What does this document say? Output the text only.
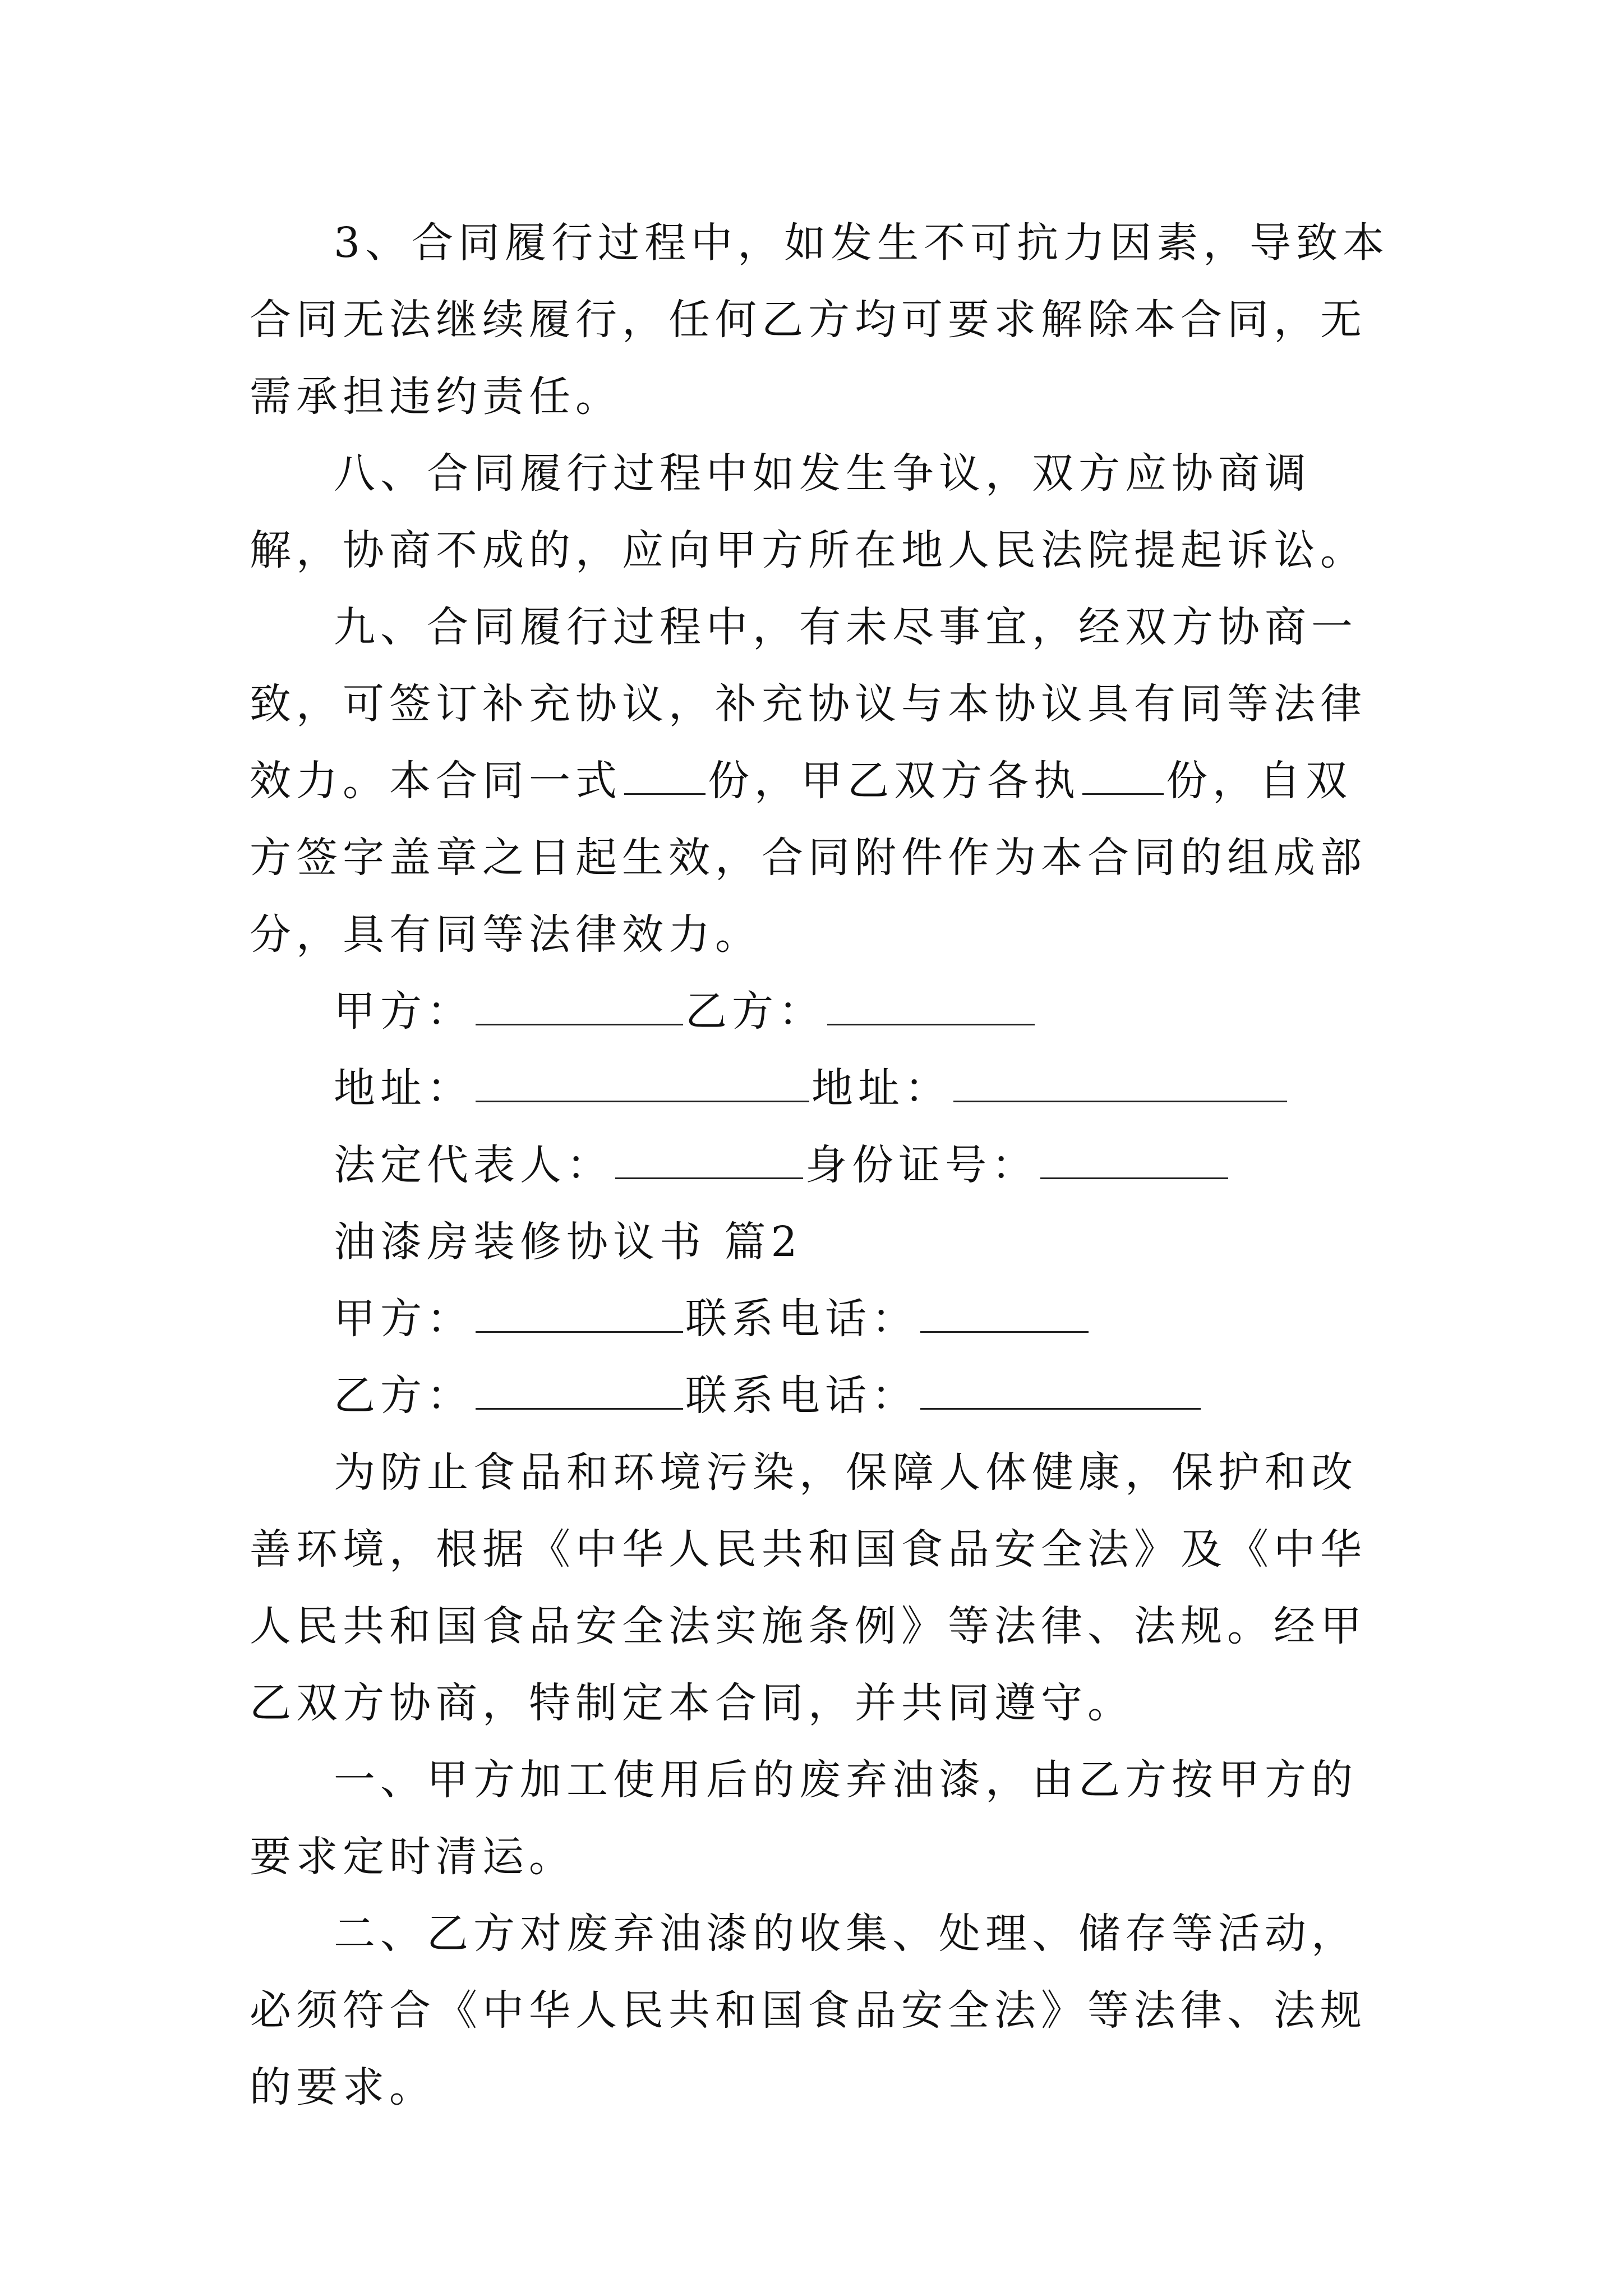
3、合同履行过程中，如发生不可抗力因素，导致本合同无法继续履行，任何乙方均可要求解除本合同，无需承担违约责任。

八、合同履行过程中如发生争议，双方应协商调解，协商不成的，应向甲方所在地人民法院提起诉讼。

九、合同履行过程中，有未尽事宜，经双方协商一致，可签订补充协议，补充协议与本协议具有同等法律效力。本合同一式 份，甲乙双方各执 份，自双方签字盖章之日起生效，合同附件作为本合同的组成部分，具有同等法律效力。

甲方：	乙方：
地址：	地址：
法定代表人：	身份证号：
油漆房装修协议书 篇2
甲方：	联系电话：
乙方：	联系电话：

为防止食品和环境污染，保障人体健康，保护和改善环境，根据《中华人民共和国食品安全法》及《中华人民共和国食品安全法实施条例》等法律、法规。经甲乙双方协商，特制定本合同，并共同遵守。

一、甲方加工使用后的废弃油漆，由乙方按甲方的要求定时清运。

二、乙方对废弃油漆的收集、处理、储存等活动，必须符合《中华人民共和国食品安全法》等法律、法规的要求。
